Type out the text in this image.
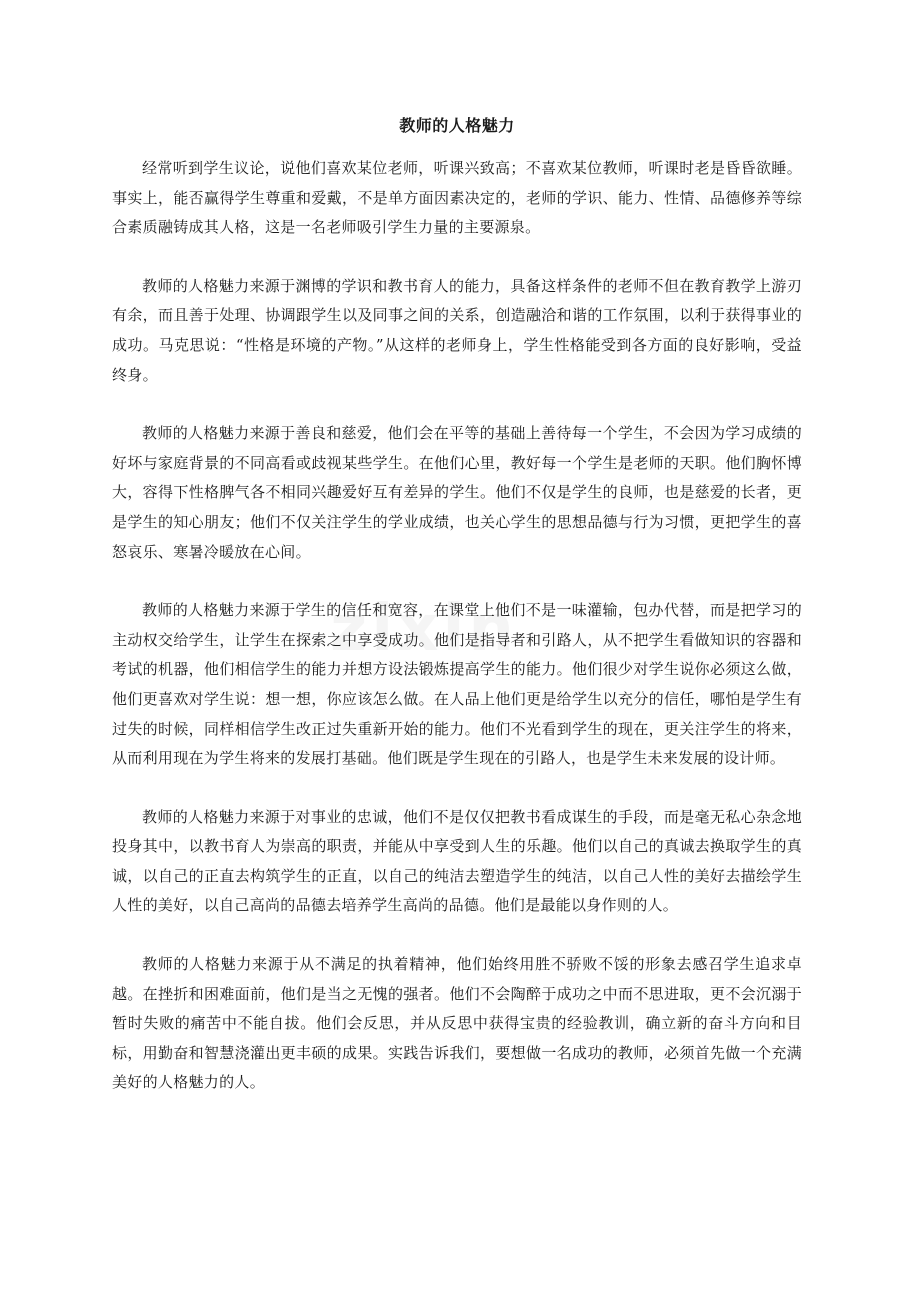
教师的人格魅力

经常听到学生议论，说他们喜欢某位老师，听课兴致高；不喜欢某位教师，听课时老是昏昏欲睡。事实上，能否赢得学生尊重和爱戴，不是单方面因素决定的，老师的学识、能力、性情、品德修养等综合素质融铸成其人格，这是一名老师吸引学生力量的主要源泉。

教师的人格魅力来源于渊博的学识和教书育人的能力，具备这样条件的老师不但在教育教学上游刃有余，而且善于处理、协调跟学生以及同事之间的关系，创造融洽和谐的工作氛围，以利于获得事业的成功。马克思说：“性格是环境的产物。”从这样的老师身上，学生性格能受到各方面的良好影响，受益终身。

教师的人格魅力来源于善良和慈爱，他们会在平等的基础上善待每一个学生，不会因为学习成绩的好坏与家庭背景的不同高看或歧视某些学生。在他们心里，教好每一个学生是老师的天职。他们胸怀博大，容得下性格脾气各不相同兴趣爱好互有差异的学生。他们不仅是学生的良师，也是慈爱的长者，更是学生的知心朋友；他们不仅关注学生的学业成绩，也关心学生的思想品德与行为习惯，更把学生的喜怒哀乐、寒暑冷暖放在心间。

教师的人格魅力来源于学生的信任和宽容，在课堂上他们不是一味灌输，包办代替，而是把学习的主动权交给学生，让学生在探索之中享受成功。他们是指导者和引路人，从不把学生看做知识的容器和考试的机器，他们相信学生的能力并想方设法锻炼提高学生的能力。他们很少对学生说你必须这么做，他们更喜欢对学生说：想一想，你应该怎么做。在人品上他们更是给学生以充分的信任，哪怕是学生有过失的时候，同样相信学生改正过失重新开始的能力。他们不光看到学生的现在，更关注学生的将来，从而利用现在为学生将来的发展打基础。他们既是学生现在的引路人，也是学生未来发展的设计师。

教师的人格魅力来源于对事业的忠诚，他们不是仅仅把教书看成谋生的手段，而是毫无私心杂念地投身其中，以教书育人为崇高的职责，并能从中享受到人生的乐趣。他们以自己的真诚去换取学生的真诚，以自己的正直去构筑学生的正直，以自己的纯洁去塑造学生的纯洁，以自己人性的美好去描绘学生人性的美好，以自己高尚的品德去培养学生高尚的品德。他们是最能以身作则的人。

教师的人格魅力来源于从不满足的执着精神，他们始终用胜不骄败不馁的形象去感召学生追求卓越。在挫折和困难面前，他们是当之无愧的强者。他们不会陶醉于成功之中而不思进取，更不会沉溺于暂时失败的痛苦中不能自拔。他们会反思，并从反思中获得宝贵的经验教训，确立新的奋斗方向和目标，用勤奋和智慧浇灌出更丰硕的成果。实践告诉我们，要想做一名成功的教师，必须首先做一个充满美好的人格魅力的人。
